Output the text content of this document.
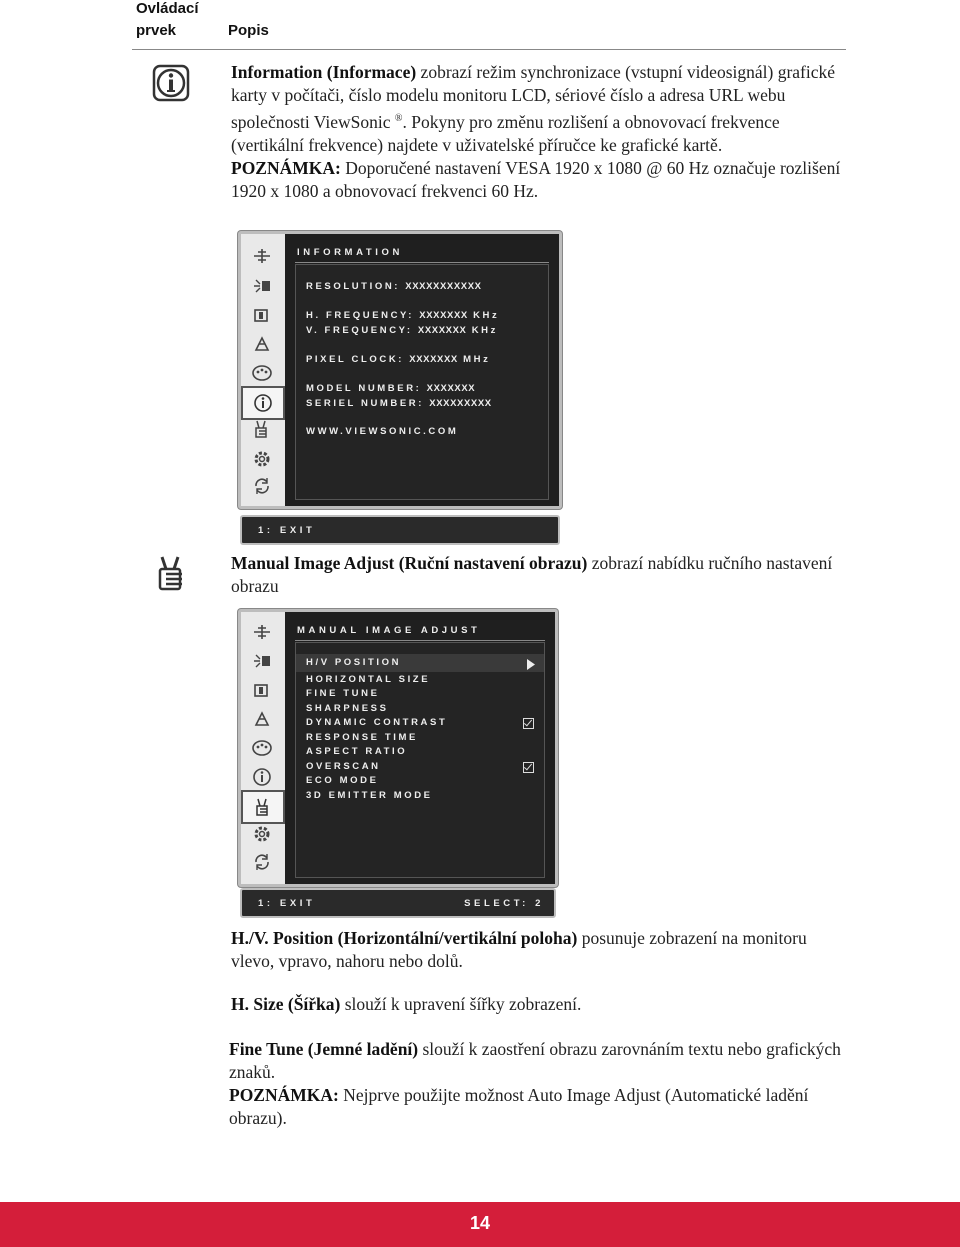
Ovládací
prvek	Popis
Information (Informace) zobrazí režim synchronizace (vstupní videosignál) grafické karty v počítači, číslo modelu monitoru LCD, sériové číslo a adresa URL webu společnosti ViewSonic ®. Pokyny pro změnu rozlišení a obnovovací frekvence (vertikální frekvence) najdete v uživatelské příručce ke grafické kartě.
POZNÁMKA: Doporučené nastavení VESA 1920 x 1080 @ 60 Hz označuje rozlišení 1920 x 1080 a obnovovací frekvenci 60 Hz.
INFORMATION
RESOLUTION: XXXXXXXXXXX
H. FREQUENCY: XXXXXXX KHz
V. FREQUENCY: XXXXXXX KHz
PIXEL CLOCK: XXXXXXX MHz
MODEL NUMBER: XXXXXXX
SERIEL NUMBER: XXXXXXXXX
WWW.VIEWSONIC.COM
1: EXIT
Manual Image Adjust (Ruční nastavení obrazu) zobrazí nabídku ručního nastavení obrazu
MANUAL IMAGE ADJUST
H/V POSITION
HORIZONTAL SIZE
FINE TUNE
SHARPNESS
DYNAMIC CONTRAST
RESPONSE TIME
ASPECT RATIO
OVERSCAN
ECO MODE
3D EMITTER MODE
1: EXIT	SELECT: 2
H./V. Position (Horizontální/vertikální poloha) posunuje zobrazení na monitoru vlevo, vpravo, nahoru nebo dolů.
H. Size (Šířka) slouží k upravení šířky zobrazení.
Fine Tune (Jemné ladění) slouží k zaostření obrazu zarovnáním textu nebo grafických znaků.
POZNÁMKA: Nejprve použijte možnost Auto Image Adjust (Automatické ladění obrazu).
14
